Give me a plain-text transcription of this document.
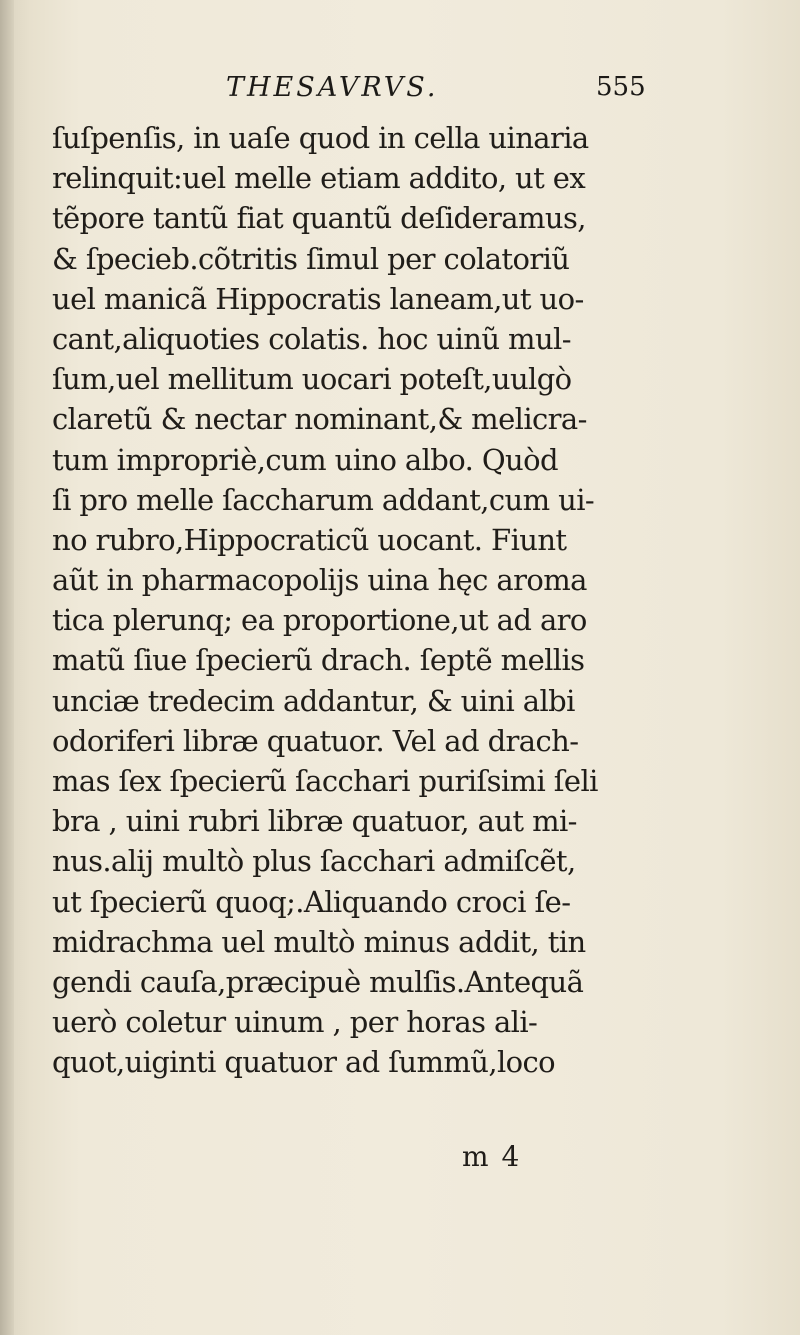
THESAVRVS.	555
ſuſpenſis, in uaſe quod in cella uinaria
relinquit:uel melle etiam addito, ut ex
tẽpore tantũ fiat quantũ deſideramus,
& ſpecieb.cõtritis ſimul per colatoriũ
uel manicã Hippocratis laneam,ut uo-
cant,aliquoties colatis. hoc uinũ mul-
ſum,uel mellitum uocari poteſt,uulgò
claretũ & nectar nominant,& melicra-
tum impropriè,cum uino albo. Quòd
ſi pro melle ſaccharum addant,cum ui-
no rubro,Hippocraticũ uocant. Fiunt
aũt in pharmacopolijs uina hęc aroma
tica plerunq; ea proportione,ut ad aro
matũ ſiue ſpecierũ drach. ſeptẽ mellis
unciæ tredecim addantur, & uini albi
odoriferi libræ quatuor. Vel ad drach-
mas ſex ſpecierũ ſacchari puriſsimi ſeli
bra , uini rubri libræ quatuor, aut mi-
nus.alij multò plus ſacchari admiſcẽt,
ut ſpecierũ quoq;.Aliquando croci ſe-
midrachma uel multò minus addit, tin
gendi cauſa,præcipuè mulſis.Antequã
uerò coletur uinum , per horas ali-
quot,uiginti quatuor ad ſummũ,loco
m 4
